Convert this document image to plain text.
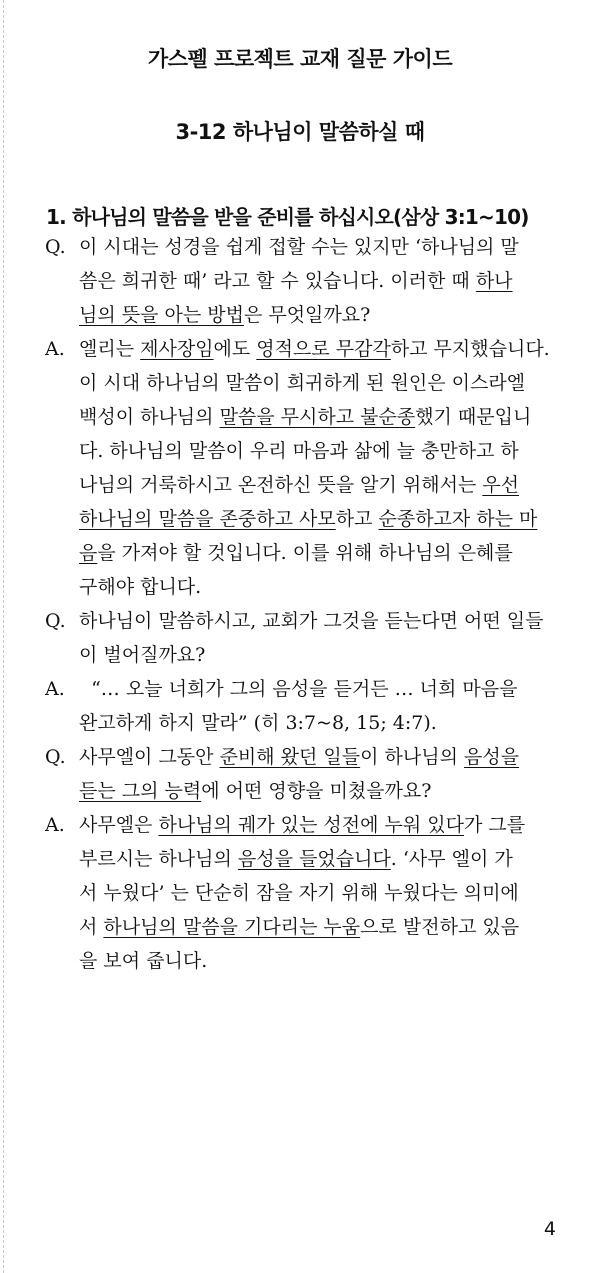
가스펠 프로젝트 교재 질문 가이드
3-12 하나님이 말씀하실 때
1. 하나님의 말씀을 받을 준비를 하십시오(삼상 3:1~10)
Q. 이 시대는 성경을 쉽게 접할 수는 있지만 ‘하나님의 말
씀은 희귀한 때’ 라고 할 수 있습니다. 이러한 때 하나
님의 뜻을 아는 방법은 무엇일까요?
A. 엘리는 제사장임에도 영적으로 무감각하고 무지했습니다.
이 시대 하나님의 말씀이 희귀하게 된 원인은 이스라엘
백성이 하나님의 말씀을 무시하고 불순종했기 때문입니
다. 하나님의 말씀이 우리 마음과 삶에 늘 충만하고 하
나님의 거룩하시고 온전하신 뜻을 알기 위해서는 우선
하나님의 말씀을 존중하고 사모하고 순종하고자 하는 마
음을 가져야 할 것입니다. 이를 위해 하나님의 은혜를
구해야 합니다.
Q. 하나님이 말씀하시고, 교회가 그것을 듣는다면 어떤 일들
이 벌어질까요?
A. “… 오늘 너희가 그의 음성을 듣거든 … 너희 마음을
완고하게 하지 말라” (히 3:7~8, 15; 4:7).
Q. 사무엘이 그동안 준비해 왔던 일들이 하나님의 음성을
듣는 그의 능력에 어떤 영향을 미쳤을까요?
A. 사무엘은 하나님의 궤가 있는 성전에 누워 있다가 그를
부르시는 하나님의 음성을 들었습니다. ‘사무 엘이 가
서 누웠다’ 는 단순히 잠을 자기 위해 누웠다는 의미에
서 하나님의 말씀을 기다리는 누움으로 발전하고 있음
을 보여 줍니다.
4
